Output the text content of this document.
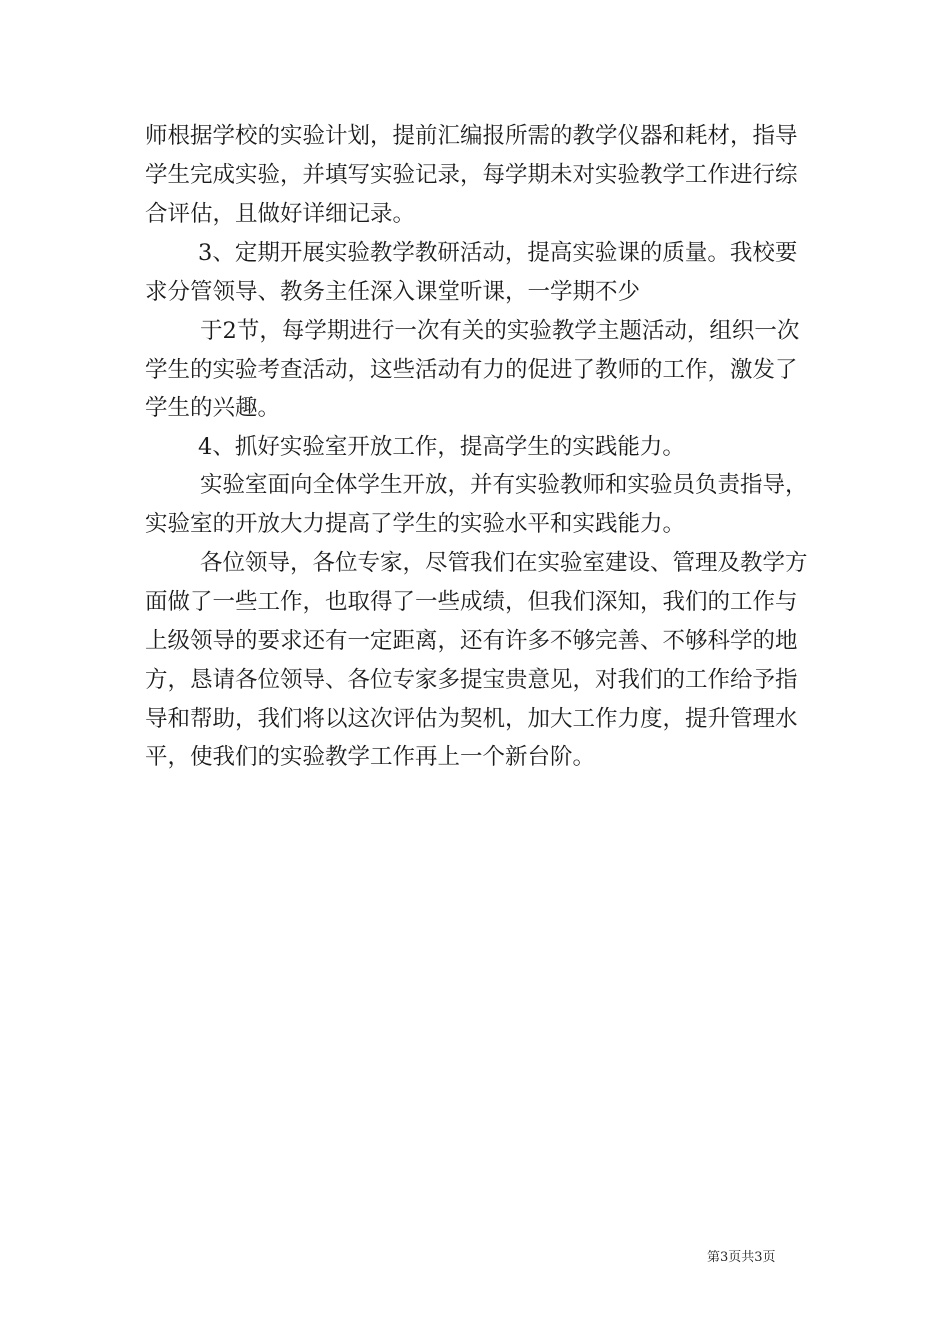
师根据学校的实验计划，提前汇编报所需的教学仪器和耗材，指导
学生完成实验，并填写实验记录，每学期未对实验教学工作进行综
合评估，且做好详细记录。
3、定期开展实验教学教研活动，提高实验课的质量。我校要
求分管领导、教务主任深入课堂听课，一学期不少
于2节，每学期进行一次有关的实验教学主题活动，组织一次
学生的实验考查活动，这些活动有力的促进了教师的工作，激发了
学生的兴趣。
4、抓好实验室开放工作，提高学生的实践能力。
实验室面向全体学生开放，并有实验教师和实验员负责指导，
实验室的开放大力提高了学生的实验水平和实践能力。
各位领导，各位专家，尽管我们在实验室建设、管理及教学方
面做了一些工作，也取得了一些成绩，但我们深知，我们的工作与
上级领导的要求还有一定距离，还有许多不够完善、不够科学的地
方，恳请各位领导、各位专家多提宝贵意见，对我们的工作给予指
导和帮助，我们将以这次评估为契机，加大工作力度，提升管理水
平，使我们的实验教学工作再上一个新台阶。
第3页共3页
